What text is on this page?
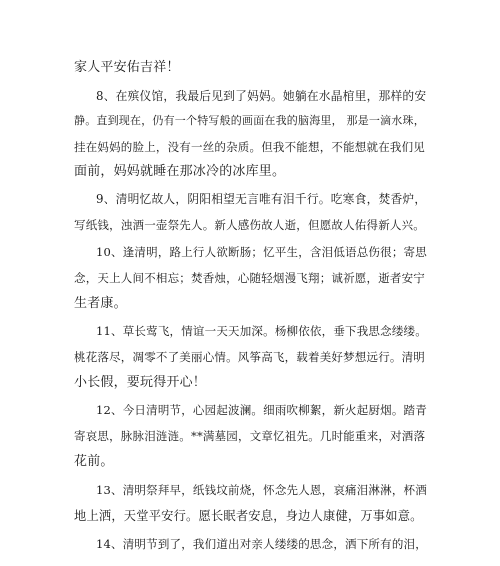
家人平安佑吉祥！
8、在殡仪馆，我最后见到了妈妈。她躺在水晶棺里，那样的安
静。直到现在，仍有一个特写般的画面在我的脑海里， 那是一滴水珠，
挂在妈妈的脸上，没有一丝的杂质。但我不能想，不能想就在我们见
面前，妈妈就睡在那冰冷的冰库里。
9、清明忆故人，阴阳相望无言唯有泪千行。吃寒食，焚香炉，
写纸钱，浊酒一壶祭先人。新人感伤故人逝，但愿故人佑得新人兴。
10、逢清明，路上行人欲断肠；忆平生，含泪低语总伤很；寄思
念，天上人间不相忘；焚香烛，心随轻烟漫飞翔；诚祈愿，逝者安宁
生者康。
11、草长莺飞，情谊一天天加深。杨柳依依，垂下我思念缕缕。
桃花落尽，凋零不了美丽心情。风筝高飞，载着美好梦想远行。清明
小长假，要玩得开心！
12、今日清明节，心园起波澜。细雨吹柳絮，新火起厨烟。踏青
寄哀思，脉脉泪涟涟。**满墓园，文章忆祖先。几时能重来，对酒落
花前。
13、清明祭拜早，纸钱坟前烧，怀念先人恩，哀痛泪淋淋，杯酒
地上洒，天堂平安行。愿长眠者安息，身边人康健，万事如意。
14、清明节到了，我们道出对亲人缕缕的思念，洒下所有的泪，
